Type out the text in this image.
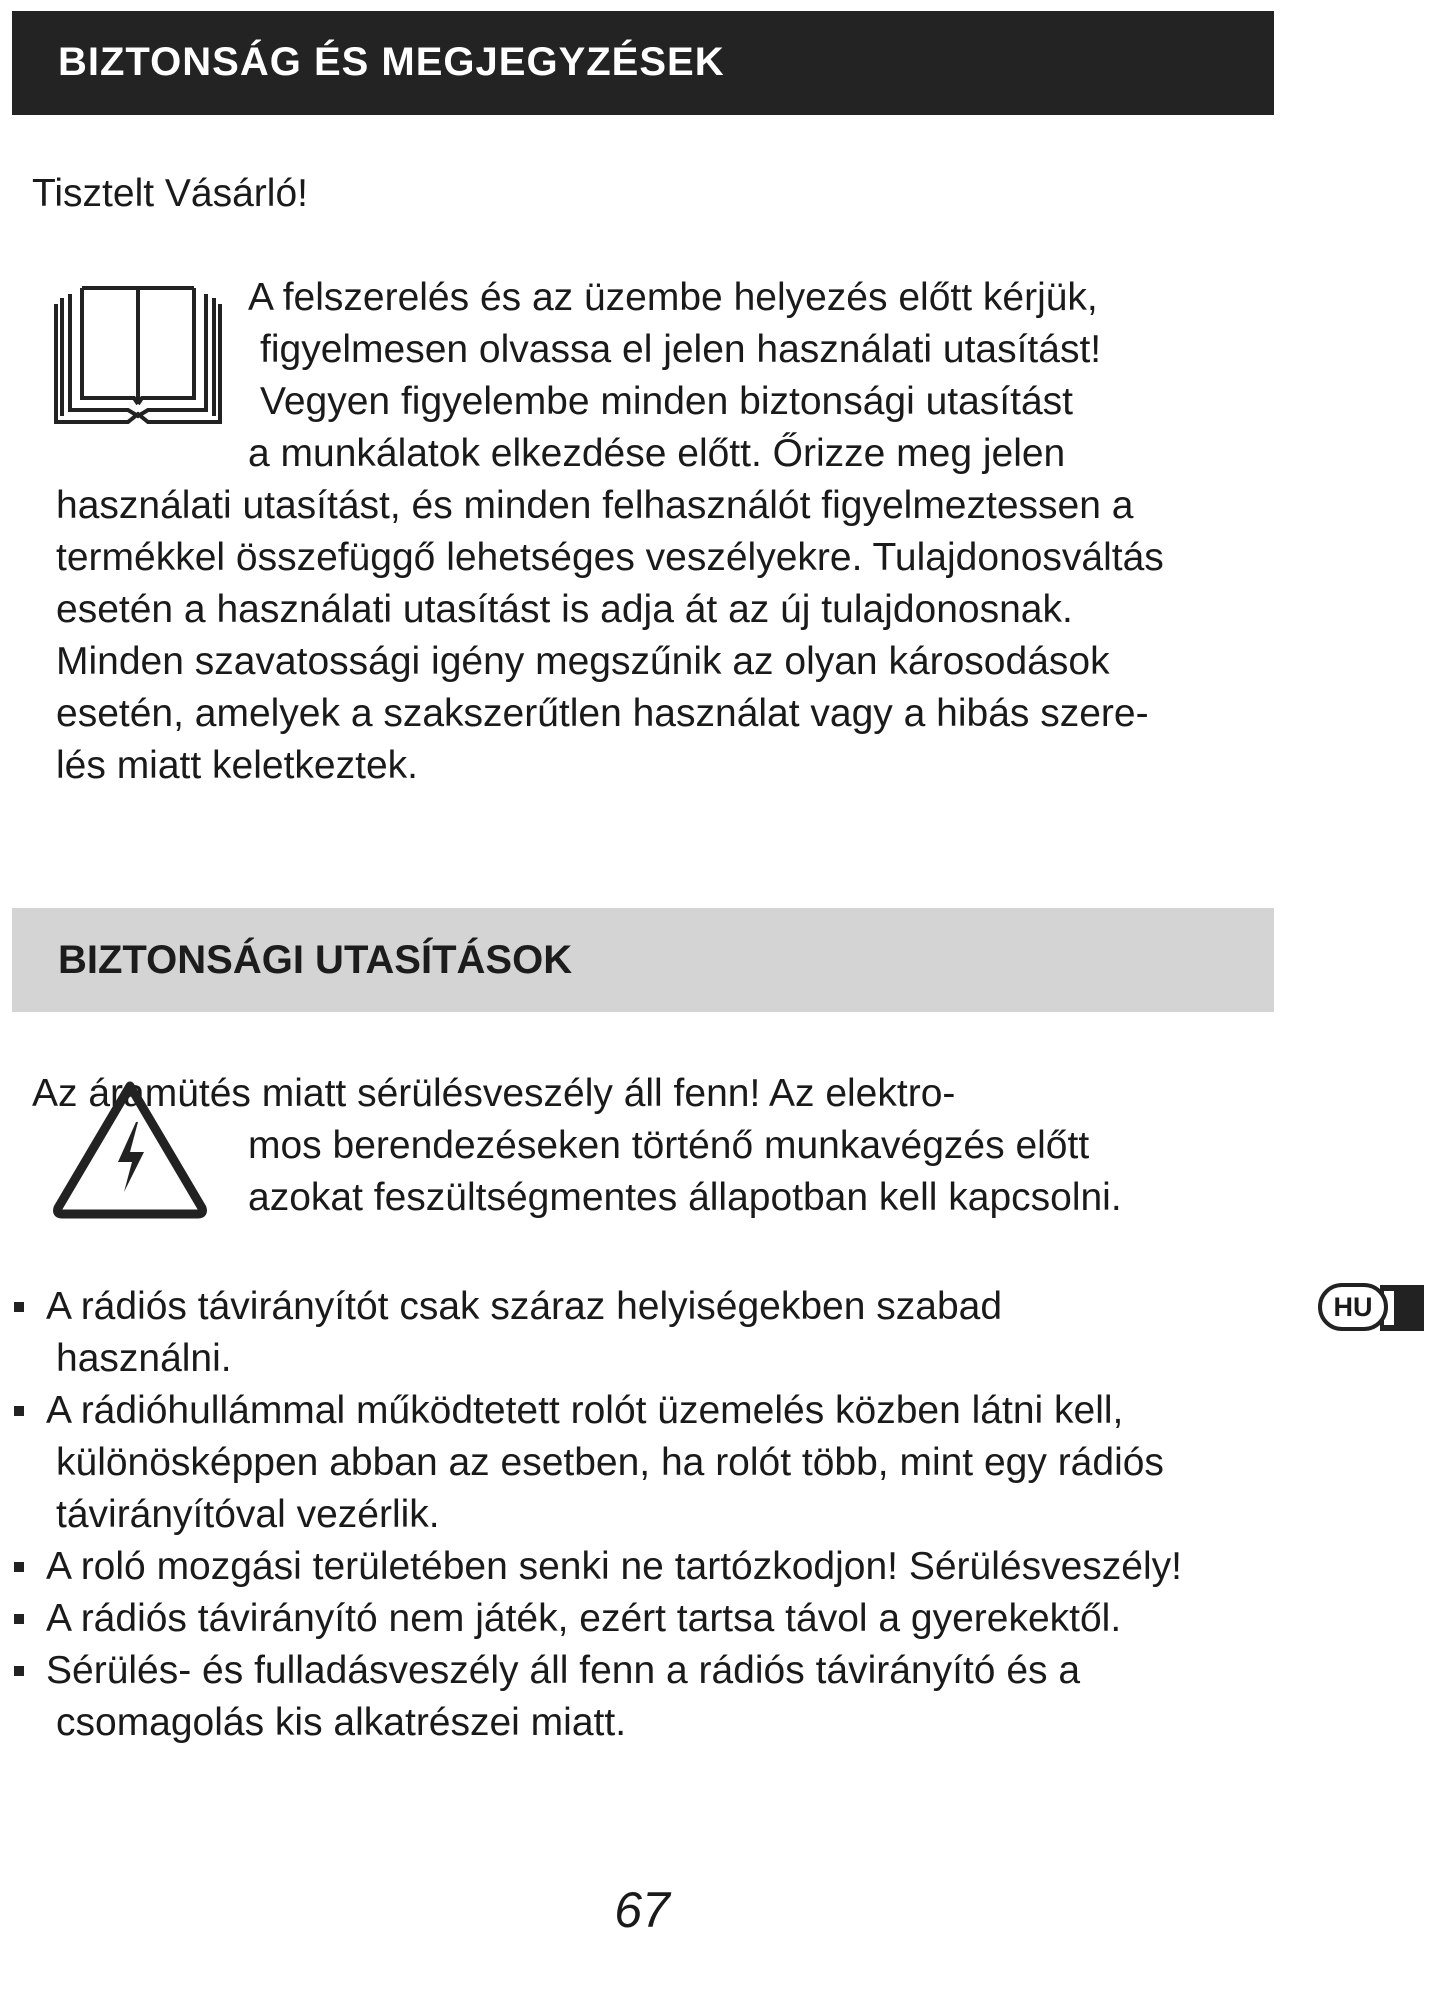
BIZTONSÁG ÉS MEGJEGYZÉSEK
Tisztelt Vásárló!
A felszerelés és az üzembe helyezés előtt kérjük,
figyelmesen olvassa el jelen használati utasítást!
Vegyen figyelembe minden biztonsági utasítást
a munkálatok elkezdése előtt. Őrizze meg jelen
használati utasítást, és minden felhasználót figyelmeztessen a
termékkel összefüggő lehetséges veszélyekre. Tulajdonosváltás
esetén a használati utasítást is adja át az új tulajdonosnak.
Minden szavatossági igény megszűnik az olyan károsodások
esetén, amelyek a szakszerűtlen használat vagy a hibás szere-
lés miatt keletkeztek.
BIZTONSÁGI UTASÍTÁSOK
Az áramütés miatt sérülésveszély áll fenn! Az elektro-
mos berendezéseken történő munkavégzés előtt
azokat feszültségmentes állapotban kell kapcsolni.
A rádiós távirányítót csak száraz helyiségekben szabad
használni.
A rádióhullámmal működtetett rolót üzemelés közben látni kell,
különösképpen abban az esetben, ha rolót több, mint egy rádiós
távirányítóval vezérlik.
A roló mozgási területében senki ne tartózkodjon! Sérülésveszély!
A rádiós távirányító nem játék, ezért tartsa távol a gyerekektől.
Sérülés- és fulladásveszély áll fenn a rádiós távirányító és a
csomagolás kis alkatrészei miatt.
HU
67
